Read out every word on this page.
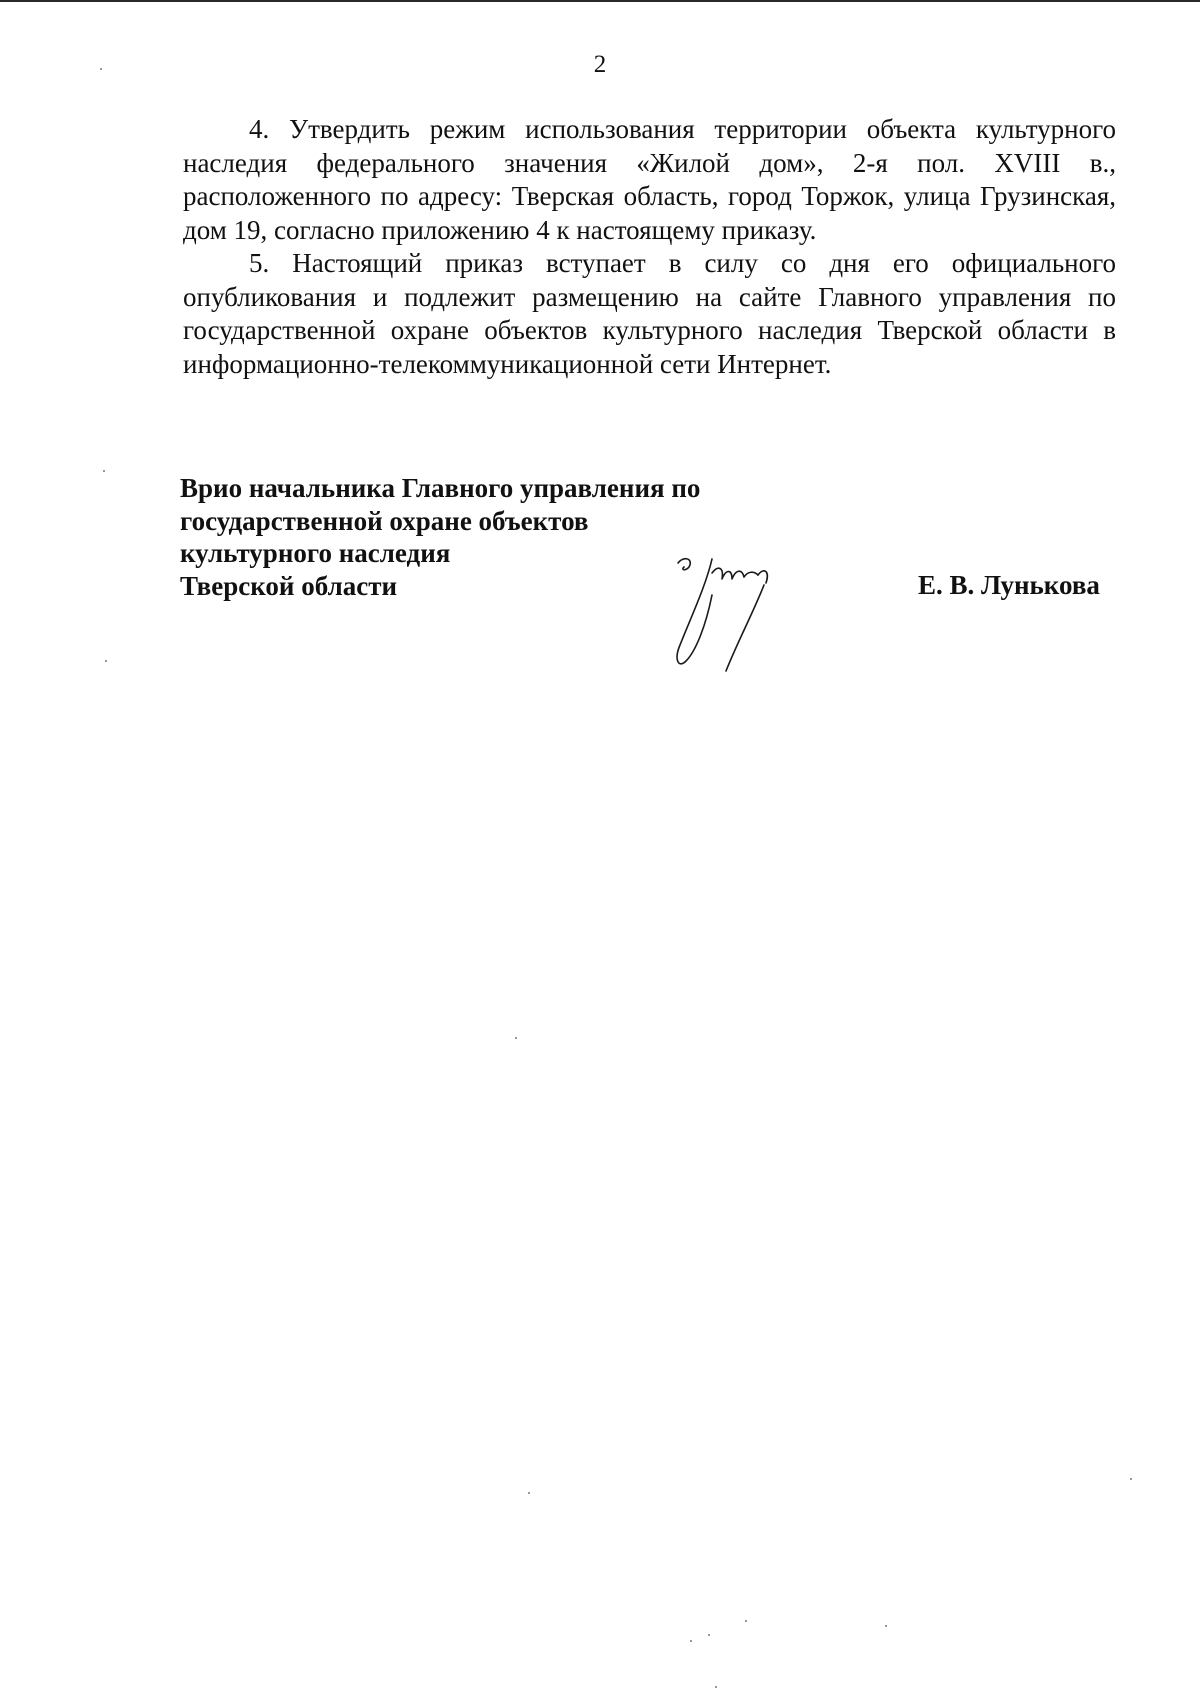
2

4. Утвердить режим использования территории объекта культурного наследия федерального значения «Жилой дом», 2-я пол. XVIII в., расположенного по адресу: Тверская область, город Торжок, улица Грузинская, дом 19, согласно приложению 4 к настоящему приказу.

5. Настоящий приказ вступает в силу со дня его официального опубликования и подлежит размещению на сайте Главного управления по государственной охране объектов культурного наследия Тверской области в информационно-телекоммуникационной сети Интернет.

Врио начальника Главного управления по
государственной охране объектов
культурного наследия
Тверской области	Е. В. Лунькова
